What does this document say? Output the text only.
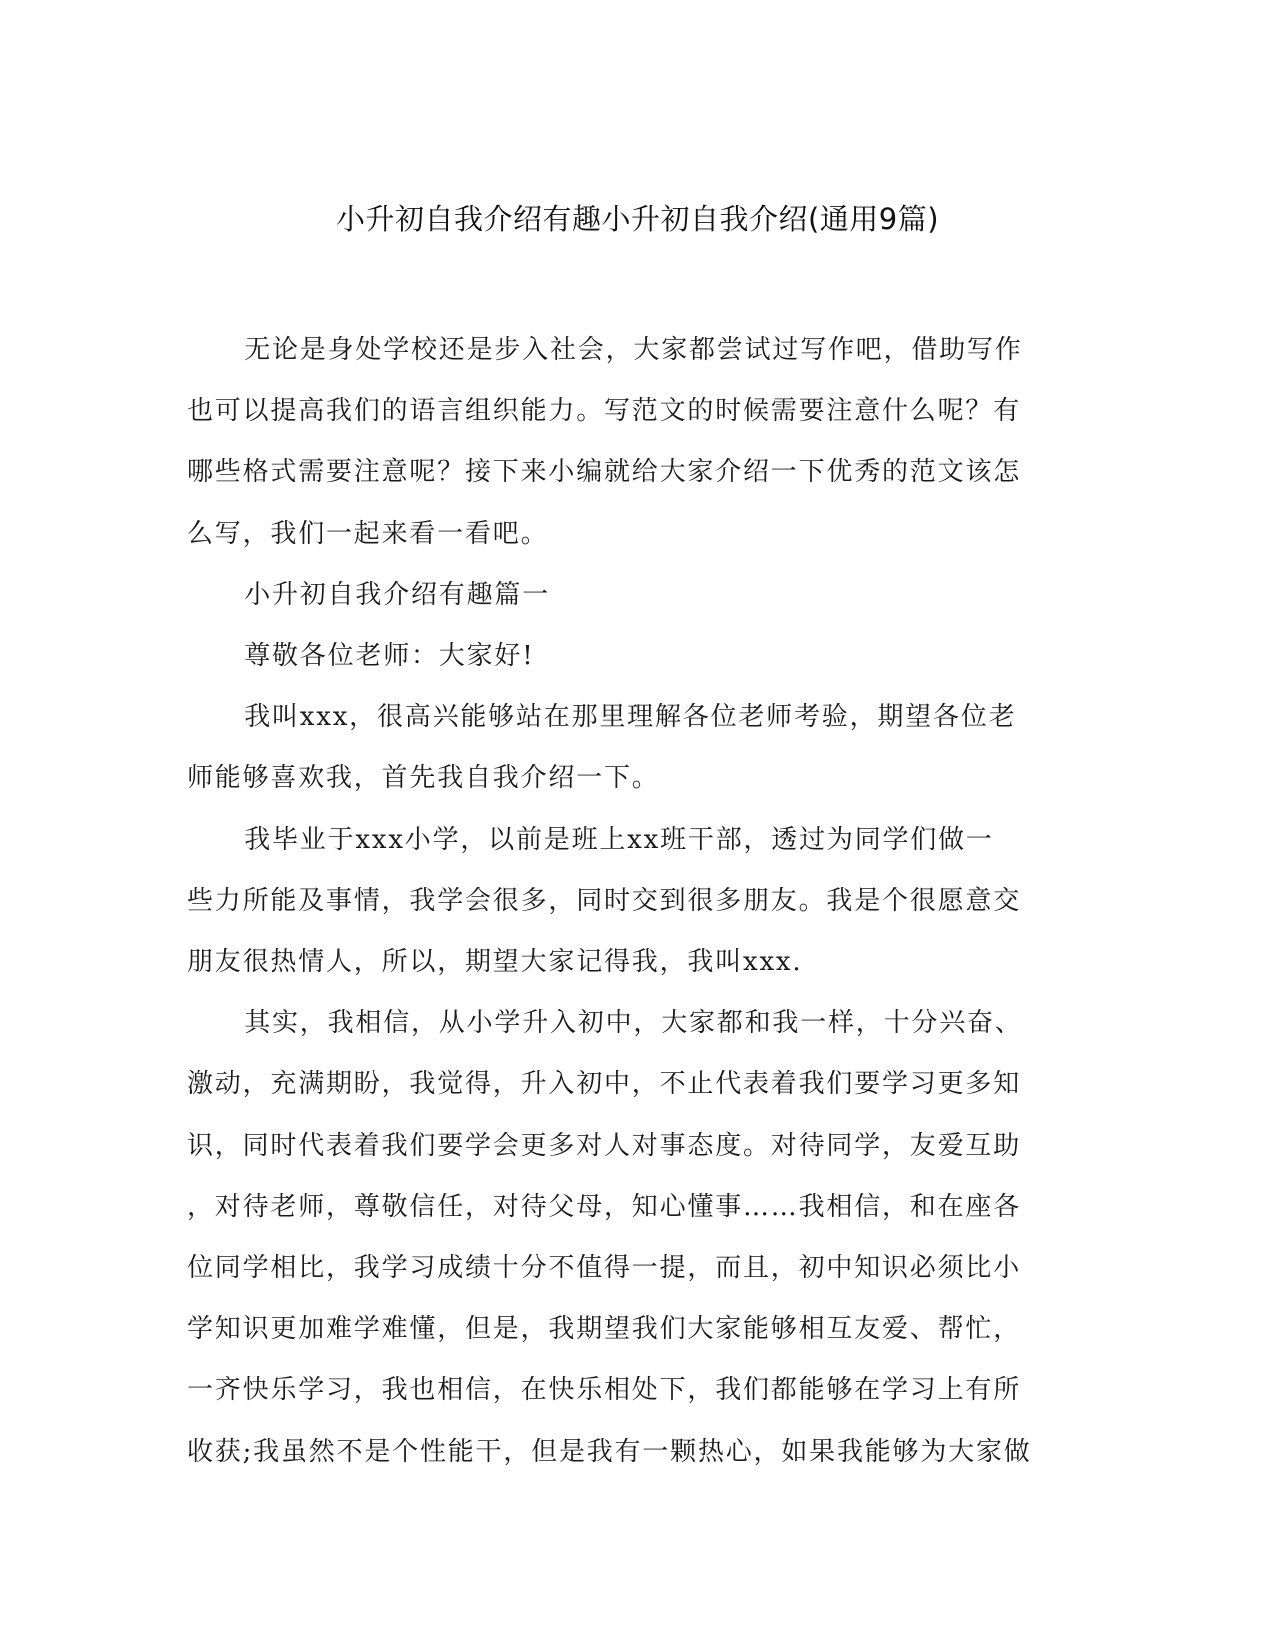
小升初自我介绍有趣小升初自我介绍(通用9篇)

无论是身处学校还是步入社会，大家都尝试过写作吧，借助写作
也可以提高我们的语言组织能力。写范文的时候需要注意什么呢？有
哪些格式需要注意呢？接下来小编就给大家介绍一下优秀的范文该怎
么写，我们一起来看一看吧。

小升初自我介绍有趣篇一

尊敬各位老师：大家好!

我叫xxx，很高兴能够站在那里理解各位老师考验，期望各位老
师能够喜欢我，首先我自我介绍一下。

我毕业于xxx小学，以前是班上xx班干部，透过为同学们做一
些力所能及事情，我学会很多，同时交到很多朋友。我是个很愿意交
朋友很热情人，所以，期望大家记得我，我叫xxx.

其实，我相信，从小学升入初中，大家都和我一样，十分兴奋、
激动，充满期盼，我觉得，升入初中，不止代表着我们要学习更多知
识，同时代表着我们要学会更多对人对事态度。对待同学，友爱互助
，对待老师，尊敬信任，对待父母，知心懂事……我相信，和在座各
位同学相比，我学习成绩十分不值得一提，而且，初中知识必须比小
学知识更加难学难懂，但是，我期望我们大家能够相互友爱、帮忙，
一齐快乐学习，我也相信，在快乐相处下，我们都能够在学习上有所
收获;我虽然不是个性能干，但是我有一颗热心，如果我能够为大家做
